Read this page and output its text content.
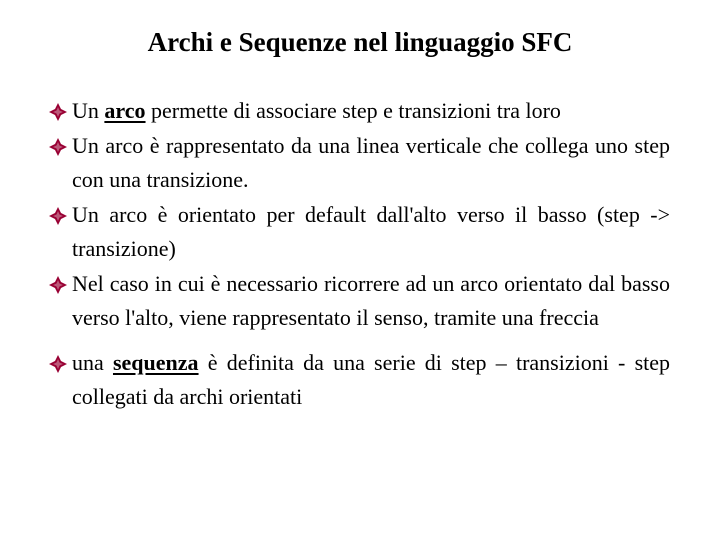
Archi e Sequenze nel linguaggio SFC
Un arco permette di associare step e transizioni tra loro
Un arco è rappresentato da una linea verticale che collega uno step con una transizione.
Un arco è orientato per default dall'alto verso il basso (step -> transizione)
Nel caso in cui è necessario ricorrere ad un arco orientato dal basso verso l'alto, viene rappresentato il senso, tramite una freccia
una sequenza è definita da una serie di step – transizioni - step collegati da archi orientati
